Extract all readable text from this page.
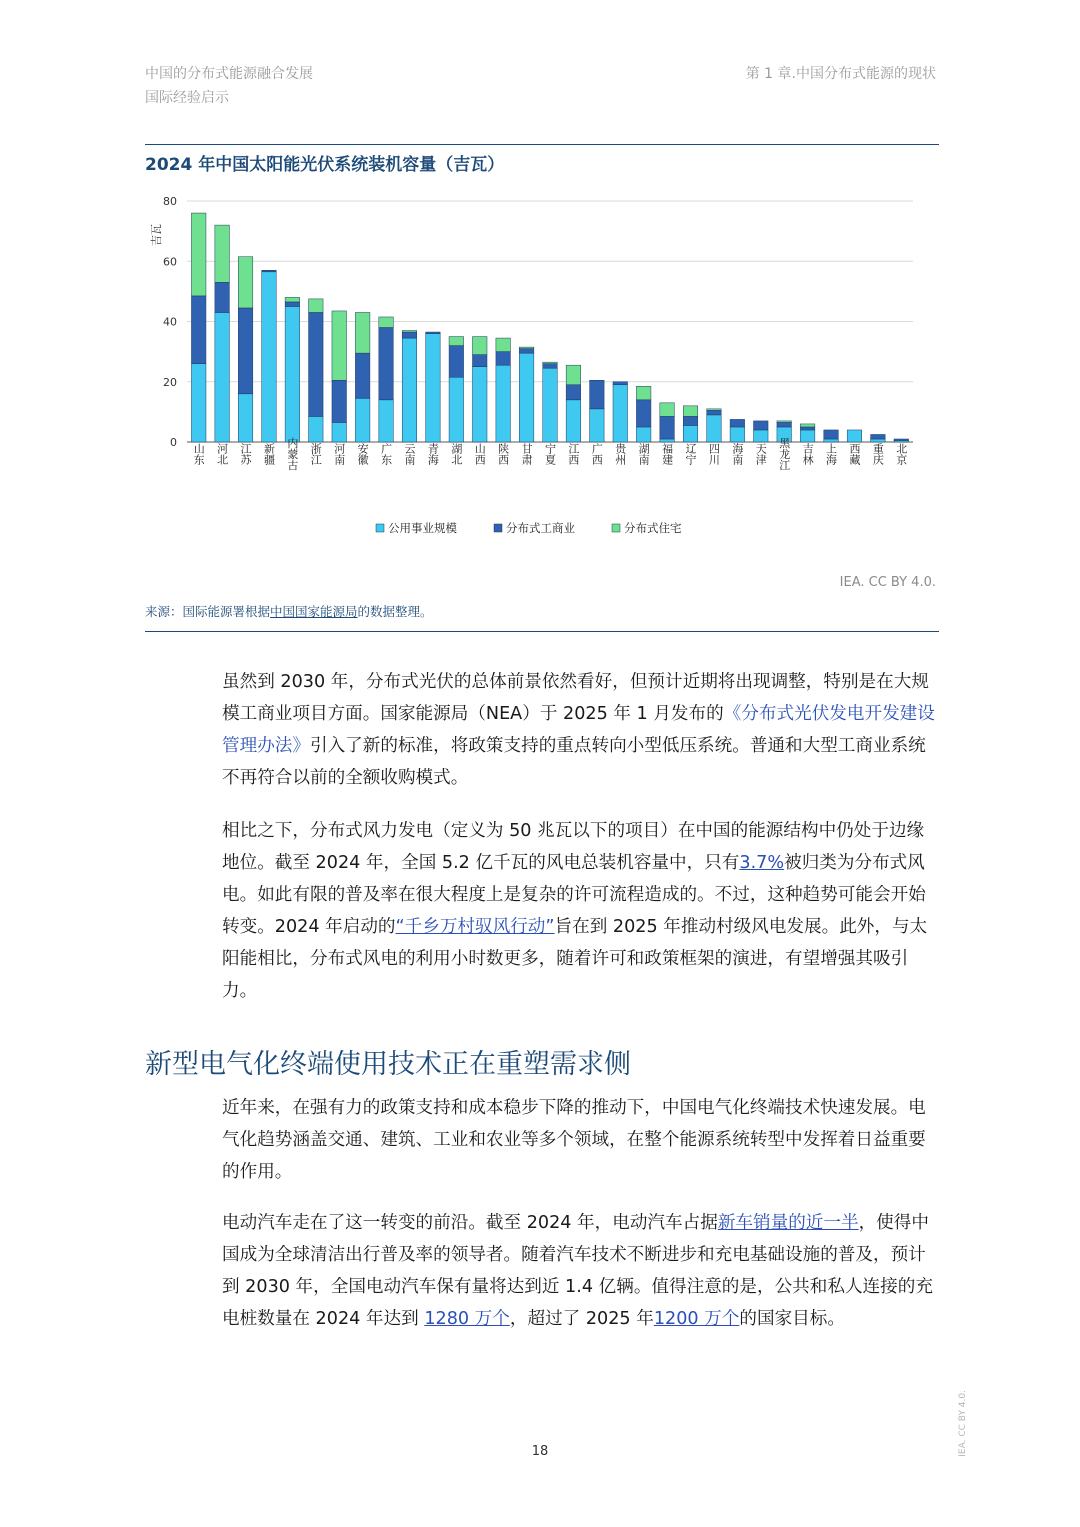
中国的分布式能源融合发展
国际经验启示
第 1 章.中国分布式能源的现状
2024 年中国太阳能光伏系统装机容量（吉瓦）
0
20
40
60
80
吉瓦
山东 河北 江苏 新疆 内蒙古 浙江 河南 安徽 广东 云南 青海 湖北 山西 陕西 甘肃 宁夏 江西 广西 贵州 湖南 福建 辽宁 四川 海南 天津 黑龙江 吉林 上海 西藏 重庆 北京
公用事业规模	分布式工商业	分布式住宅
IEA. CC BY 4.0.
来源：国际能源署根据中国国家能源局的数据整理。

虽然到 2030 年，分布式光伏的总体前景依然看好，但预计近期将出现调整，特别是在大规模工商业项目方面。国家能源局（NEA）于 2025 年 1 月发布的《分布式光伏发电开发建设管理办法》引入了新的标准，将政策支持的重点转向小型低压系统。普通和大型工商业系统不再符合以前的全额收购模式。

相比之下，分布式风力发电（定义为 50 兆瓦以下的项目）在中国的能源结构中仍处于边缘地位。截至 2024 年，全国 5.2 亿千瓦的风电总装机容量中，只有3.7%被归类为分布式风电。如此有限的普及率在很大程度上是复杂的许可流程造成的。不过，这种趋势可能会开始转变。2024 年启动的“千乡万村驭风行动”旨在到 2025 年推动村级风电发展。此外，与太阳能相比，分布式风电的利用小时数更多，随着许可和政策框架的演进，有望增强其吸引力。

新型电气化终端使用技术正在重塑需求侧

近年来，在强有力的政策支持和成本稳步下降的推动下，中国电气化终端技术快速发展。电气化趋势涵盖交通、建筑、工业和农业等多个领域，在整个能源系统转型中发挥着日益重要的作用。

电动汽车走在了这一转变的前沿。截至 2024 年，电动汽车占据新车销量的近一半，使得中国成为全球清洁出行普及率的领导者。随着汽车技术不断进步和充电基础设施的普及，预计到 2030 年，全国电动汽车保有量将达到近 1.4 亿辆。值得注意的是，公共和私人连接的充电桩数量在 2024 年达到 1280 万个，超过了 2025 年1200 万个的国家目标。

18	IEA. CC BY 4.0.
